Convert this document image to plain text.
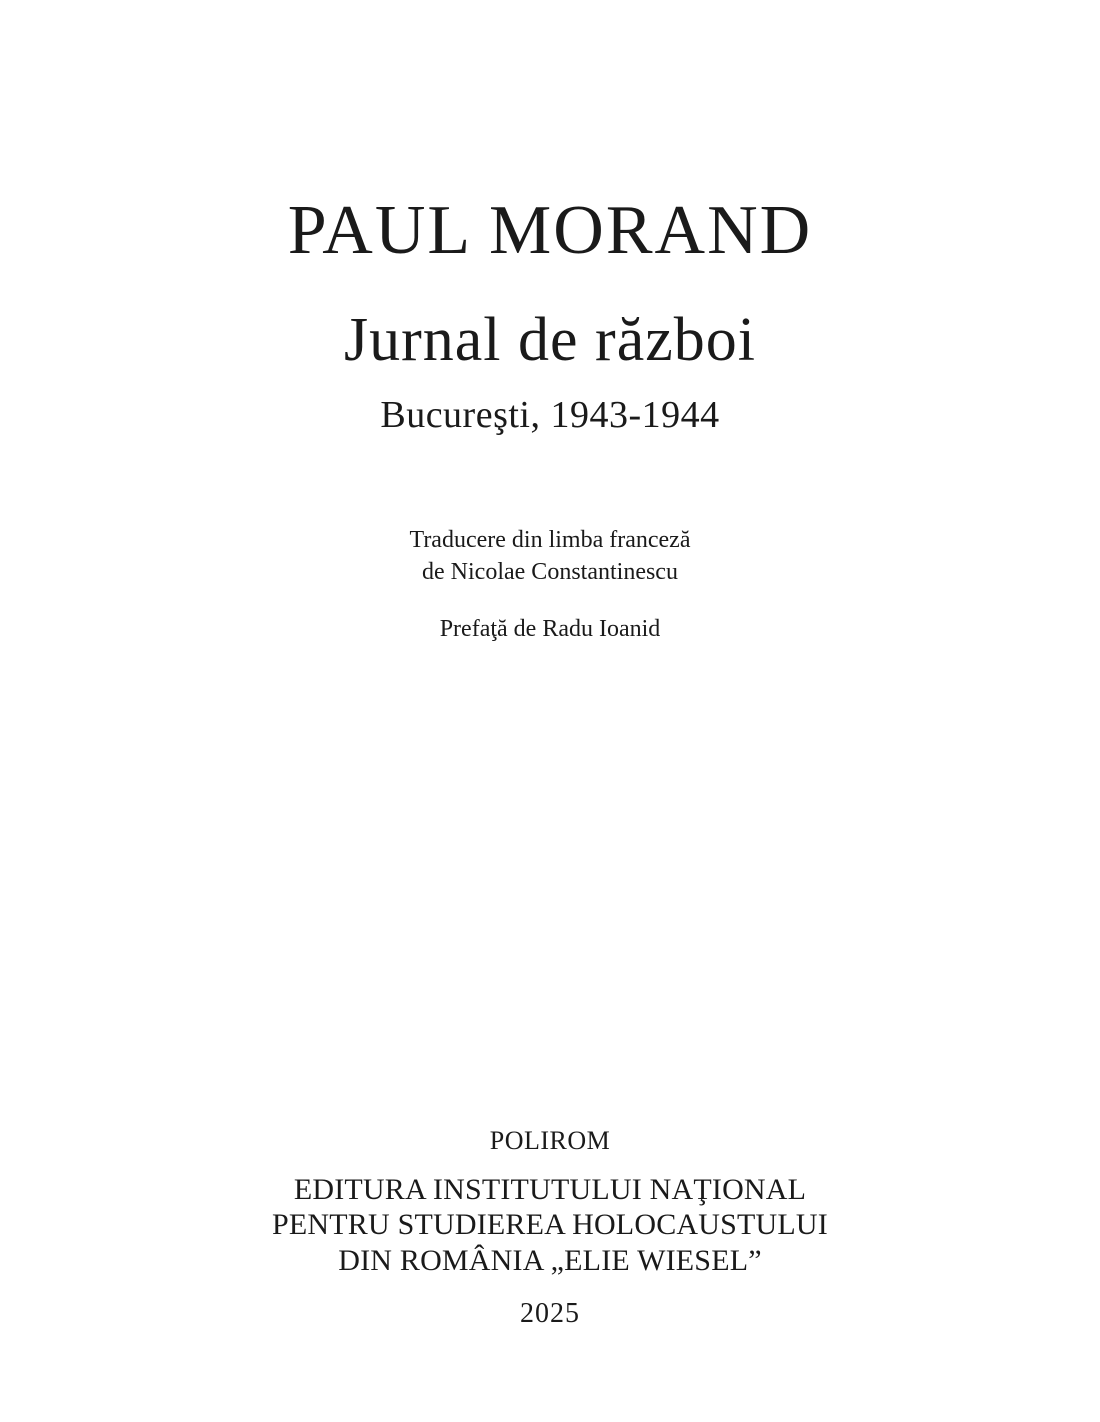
PAUL MORAND
Jurnal de război
Bucureşti, 1943-1944

Traducere din limba franceză

de Nicolae Constantinescu

Prefaţă de Radu Ioanid

POLIROM

EDITURA INSTITUTULUI NAŢIONAL

PENTRU STUDIEREA HOLOCAUSTULUI

DIN ROMÂNIA „ELIE WIESEL”

2025
